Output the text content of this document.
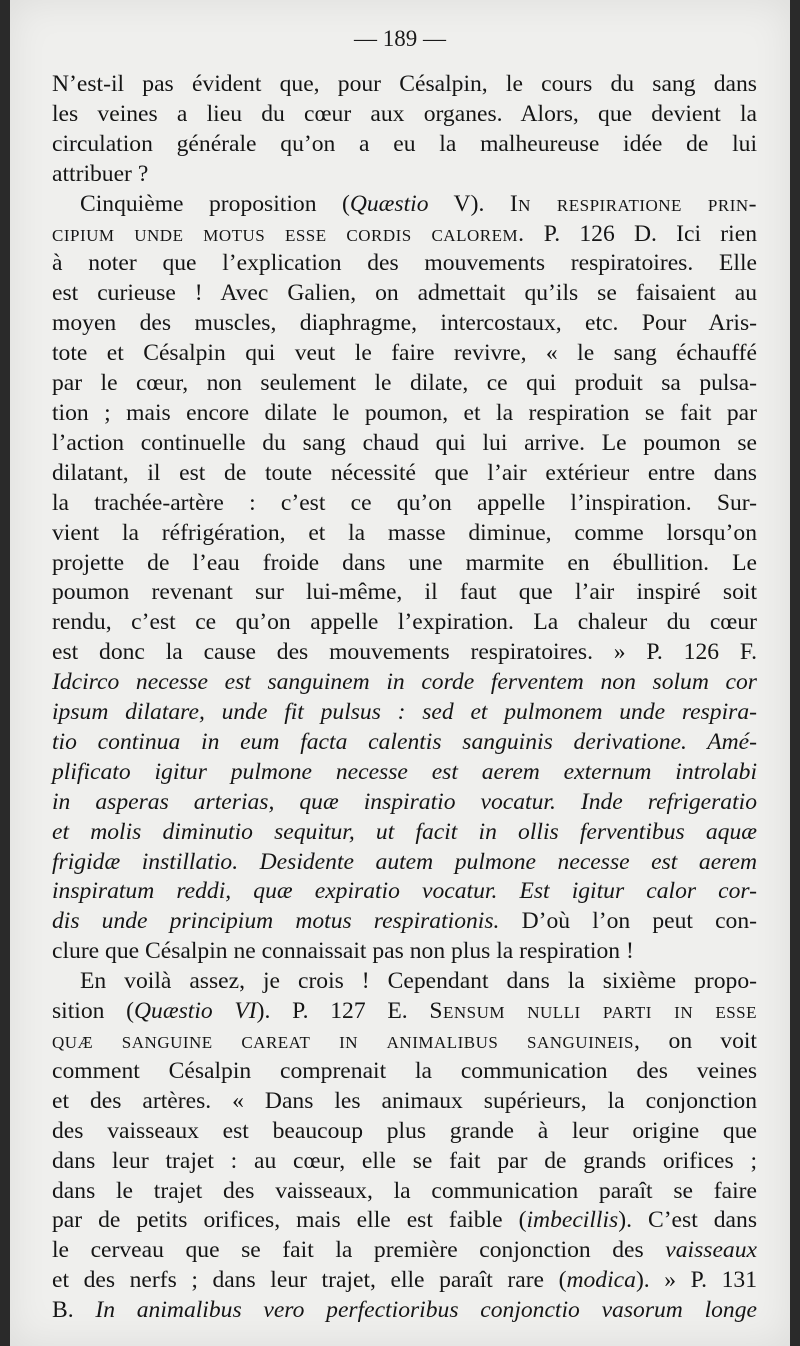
— 189 —
N’est-il pas évident que, pour Césalpin, le cours du sang dans
les veines a lieu du cœur aux organes. Alors, que devient la
circulation générale qu’on a eu la malheureuse idée de lui
attribuer ?
Cinquième proposition (Quæstio V). In respiratione prin-
cipium unde motus esse cordis calorem. P. 126 D. Ici rien
à noter que l’explication des mouvements respiratoires. Elle
est curieuse ! Avec Galien, on admettait qu’ils se faisaient au
moyen des muscles, diaphragme, intercostaux, etc. Pour Aris-
tote et Césalpin qui veut le faire revivre, « le sang échauffé
par le cœur, non seulement le dilate, ce qui produit sa pulsa-
tion ; mais encore dilate le poumon, et la respiration se fait par
l’action continuelle du sang chaud qui lui arrive. Le poumon se
dilatant, il est de toute nécessité que l’air extérieur entre dans
la trachée-artère : c’est ce qu’on appelle l’inspiration. Sur-
vient la réfrigération, et la masse diminue, comme lorsqu’on
projette de l’eau froide dans une marmite en ébullition. Le
poumon revenant sur lui-même, il faut que l’air inspiré soit
rendu, c’est ce qu’on appelle l’expiration. La chaleur du cœur
est donc la cause des mouvements respiratoires. » P. 126 F.
Idcirco necesse est sanguinem in corde ferventem non solum cor
ipsum dilatare, unde fit pulsus : sed et pulmonem unde respira-
tio continua in eum facta calentis sanguinis derivatione. Amé-
plificato igitur pulmone necesse est aerem externum introlabi
in asperas arterias, quæ inspiratio vocatur. Inde refrigeratio
et molis diminutio sequitur, ut facit in ollis ferventibus aquæ
frigidæ instillatio. Desidente autem pulmone necesse est aerem
inspiratum reddi, quæ expiratio vocatur. Est igitur calor cor-
dis unde principium motus respirationis. D’où l’on peut con-
clure que Césalpin ne connaissait pas non plus la respiration !
En voilà assez, je crois ! Cependant dans la sixième propo-
sition (Quæstio VI). P. 127 E. Sensum nulli parti in esse
quæ sanguine careat in animalibus sanguineis, on voit
comment Césalpin comprenait la communication des veines
et des artères. « Dans les animaux supérieurs, la conjonction
des vaisseaux est beaucoup plus grande à leur origine que
dans leur trajet : au cœur, elle se fait par de grands orifices ;
dans le trajet des vaisseaux, la communication paraît se faire
par de petits orifices, mais elle est faible (imbecillis). C’est dans
le cerveau que se fait la première conjonction des vaisseaux
et des nerfs ; dans leur trajet, elle paraît rare (modica). » P. 131
B. In animalibus vero perfectioribus conjonctio vasorum longe
